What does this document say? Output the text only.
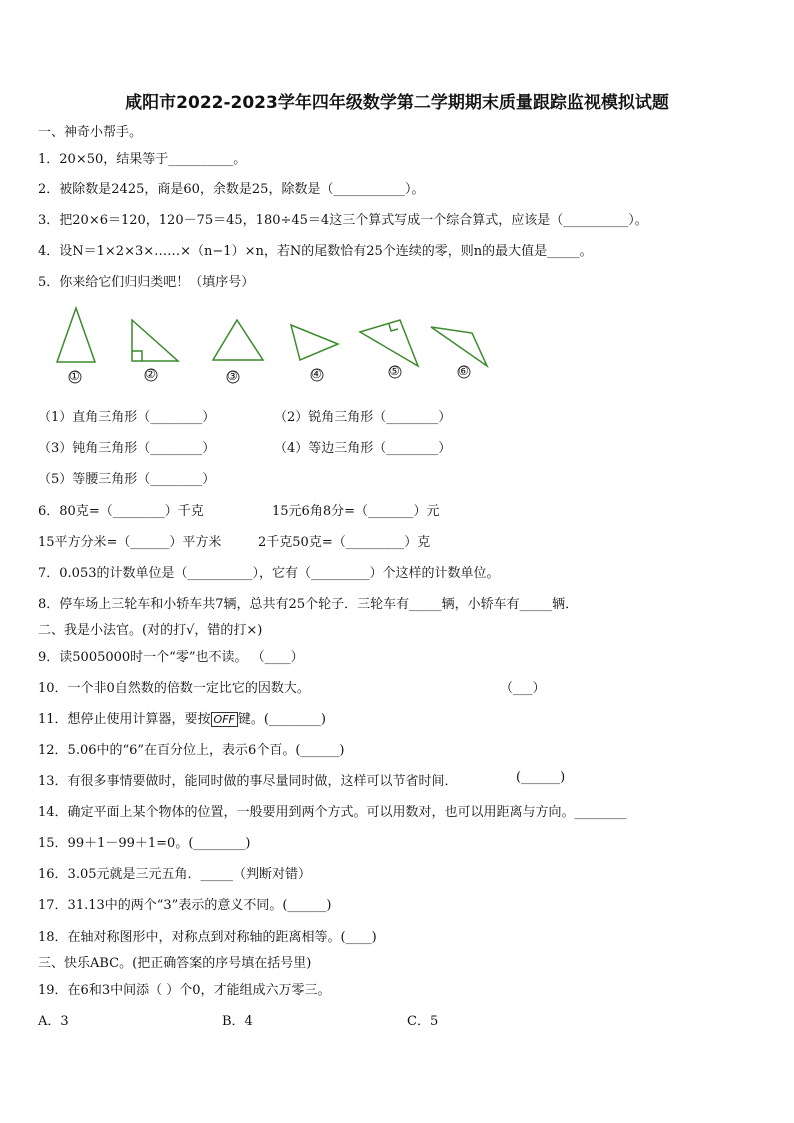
咸阳市2022-2023学年四年级数学第二学期期末质量跟踪监视模拟试题
一、神奇小帮手。
1．20×50，结果等于__________。
2．被除数是2425，商是60，余数是25，除数是（___________）。
3．把20×6＝120，120－75＝45，180÷45＝4这三个算式写成一个综合算式，应该是（__________）。
4．设N＝1×2×3×……×（n−1）×n，若N的尾数恰有25个连续的零，则n的最大值是_____。
5．你来给它们归归类吧！（填序号）
①	②	③	④	⑤	⑥
（1）直角三角形（________）	（2）锐角三角形（________）
（3）钝角三角形（________）	（4）等边三角形（________）
（5）等腰三角形（________）
6．80克=（________）千克	15元6角8分=（_______）元
15平方分米=（______）平方米	2千克50克=（_________）克
7．0.053的计数单位是（__________），它有（_________）个这样的计数单位。
8．停车场上三轮车和小轿车共7辆，总共有25个轮子．三轮车有_____辆，小轿车有_____辆．
二、我是小法官。(对的打√，错的打×)
9．读5005000时一个“零”也不读。 （____）
10．一个非0自然数的倍数一定比它的因数大。	（___）
11．想停止使用计算器，要按 OFF 键。(________)
12．5.06中的“6”在百分位上，表示6个百。(______)
13．有很多事情要做时，能同时做的事尽量同时做，这样可以节省时间．	(______)
14．确定平面上某个物体的位置，一般要用到两个方式。可以用数对，也可以用距离与方向。________
15．99＋1－99＋1=0。(________)
16．3.05元就是三元五角．_____（判断对错）
17．31.13中的两个“3”表示的意义不同。(______)
18．在轴对称图形中，对称点到对称轴的距离相等。(____)
三、快乐ABC。(把正确答案的序号填在括号里)
19．在6和3中间添（ ）个0，才能组成六万零三。
A．3	B．4	C．5
